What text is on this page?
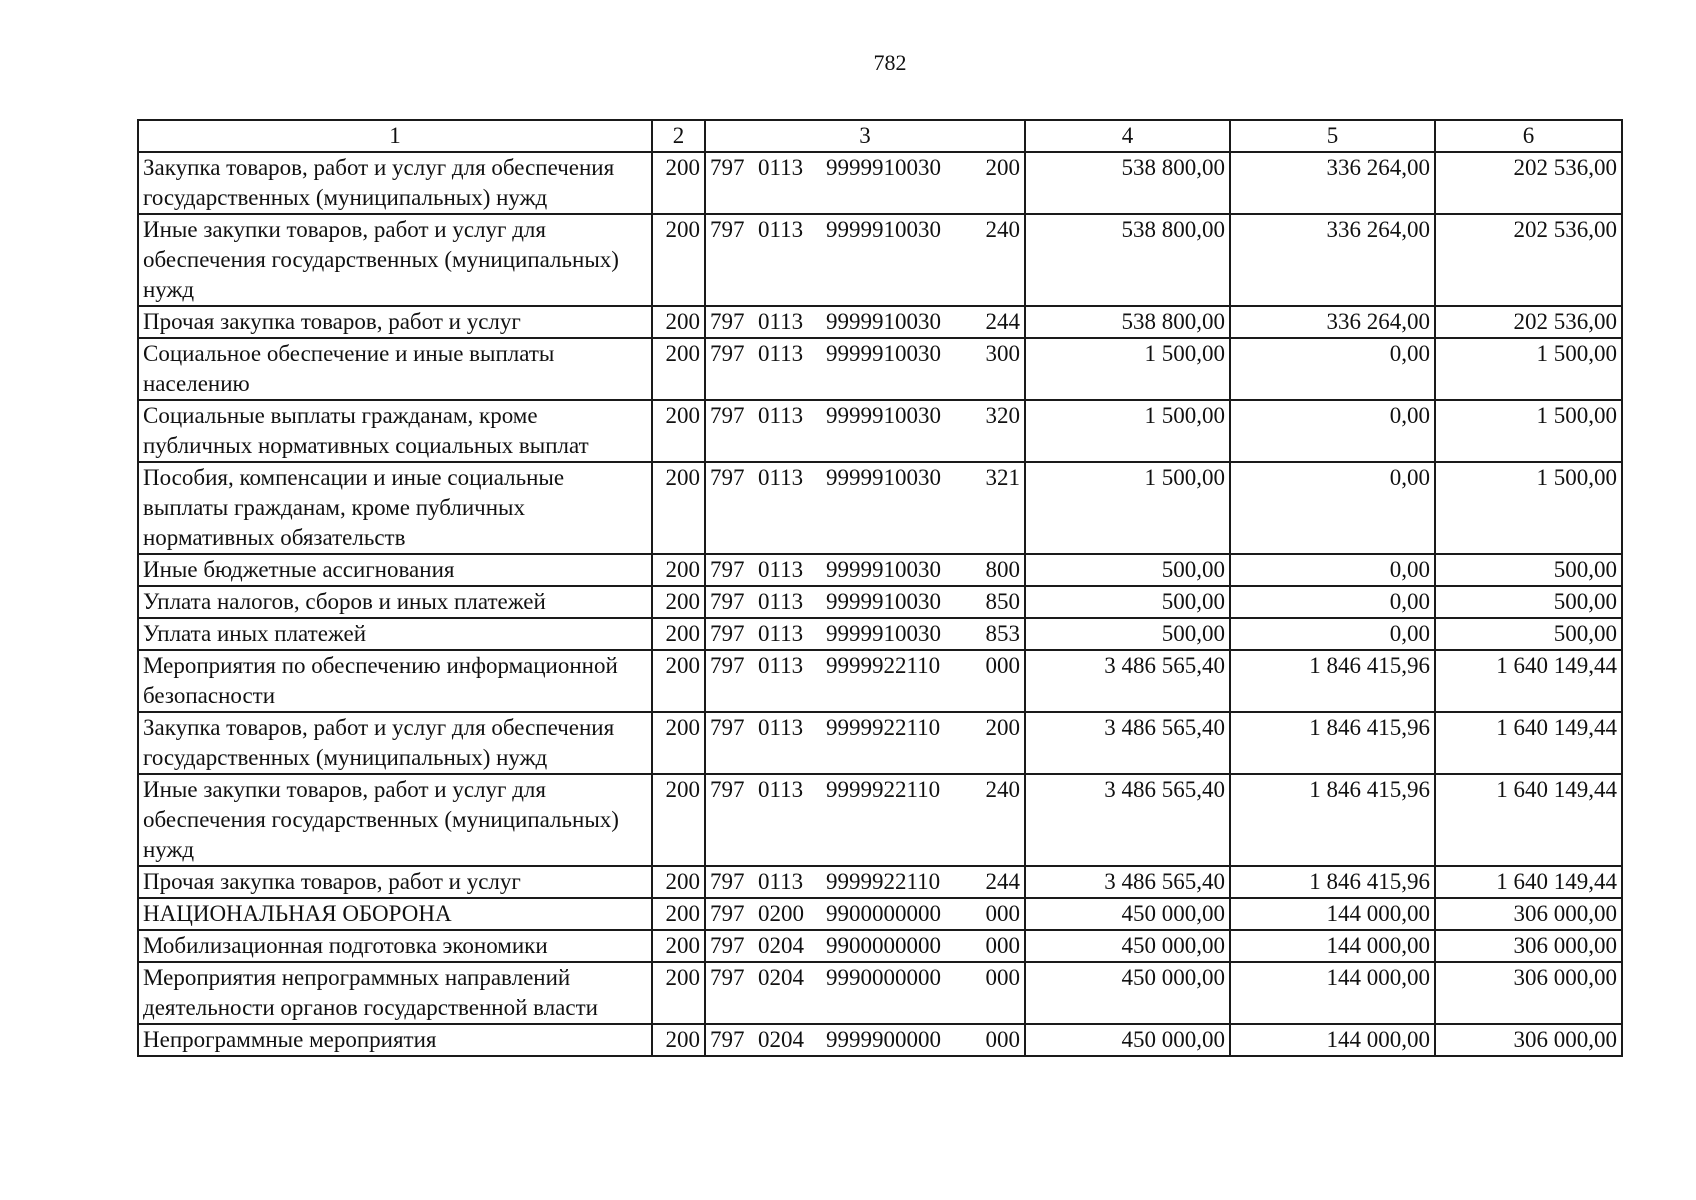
782
1	2	3	4	5	6
Закупка товаров, работ и услуг для обеспечения государственных (муниципальных) нужд	200	797 0113 9999910030 200	538 800,00	336 264,00	202 536,00
Иные закупки товаров, работ и услуг для обеспечения государственных (муниципальных) нужд	200	797 0113 9999910030 240	538 800,00	336 264,00	202 536,00
Прочая закупка товаров, работ и услуг	200	797 0113 9999910030 244	538 800,00	336 264,00	202 536,00
Социальное обеспечение и иные выплаты населению	200	797 0113 9999910030 300	1 500,00	0,00	1 500,00
Социальные выплаты гражданам, кроме публичных нормативных социальных выплат	200	797 0113 9999910030 320	1 500,00	0,00	1 500,00
Пособия, компенсации и иные социальные выплаты гражданам, кроме публичных нормативных обязательств	200	797 0113 9999910030 321	1 500,00	0,00	1 500,00
Иные бюджетные ассигнования	200	797 0113 9999910030 800	500,00	0,00	500,00
Уплата налогов, сборов и иных платежей	200	797 0113 9999910030 850	500,00	0,00	500,00
Уплата иных платежей	200	797 0113 9999910030 853	500,00	0,00	500,00
Мероприятия по обеспечению информационной безопасности	200	797 0113 9999922110 000	3 486 565,40	1 846 415,96	1 640 149,44
Закупка товаров, работ и услуг для обеспечения государственных (муниципальных) нужд	200	797 0113 9999922110 200	3 486 565,40	1 846 415,96	1 640 149,44
Иные закупки товаров, работ и услуг для обеспечения государственных (муниципальных) нужд	200	797 0113 9999922110 240	3 486 565,40	1 846 415,96	1 640 149,44
Прочая закупка товаров, работ и услуг	200	797 0113 9999922110 244	3 486 565,40	1 846 415,96	1 640 149,44
НАЦИОНАЛЬНАЯ ОБОРОНА	200	797 0200 9900000000 000	450 000,00	144 000,00	306 000,00
Мобилизационная подготовка экономики	200	797 0204 9900000000 000	450 000,00	144 000,00	306 000,00
Мероприятия непрограммных направлений деятельности органов государственной власти	200	797 0204 9990000000 000	450 000,00	144 000,00	306 000,00
Непрограммные мероприятия	200	797 0204 9999900000 000	450 000,00	144 000,00	306 000,00
